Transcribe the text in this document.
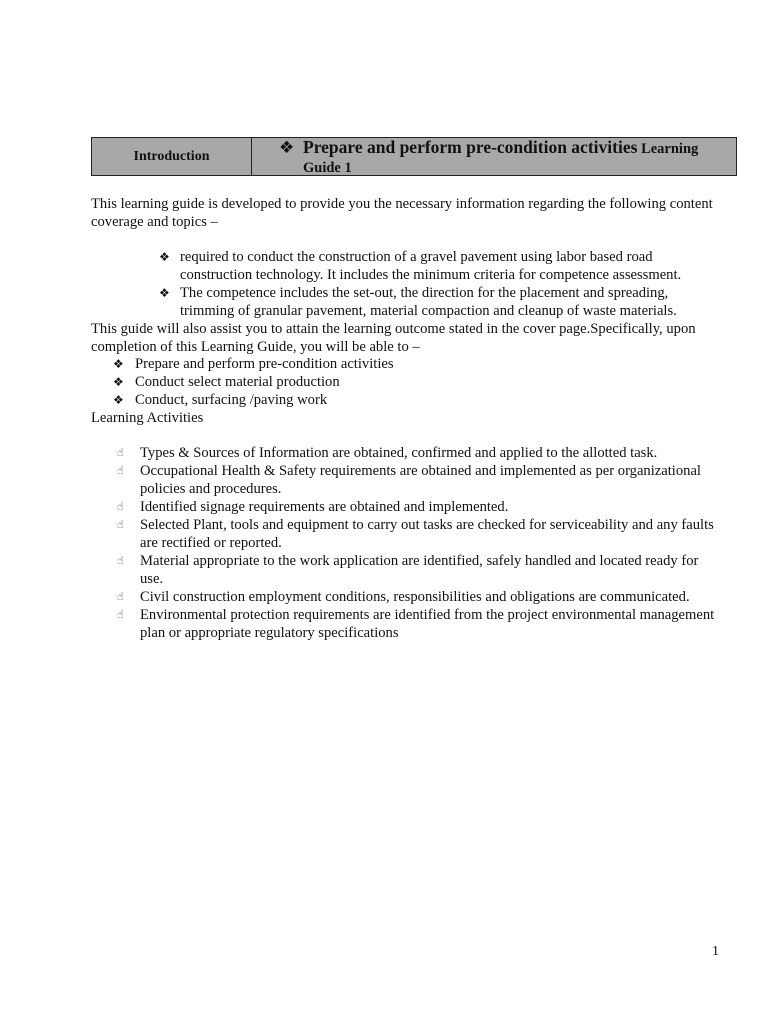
Introduction	❖ Prepare and perform pre-condition activities Learning Guide 1
This learning guide is developed to provide you the necessary information regarding the following content coverage and topics –
❖ required to conduct the construction of a gravel pavement using labor based road construction technology. It includes the minimum criteria for competence assessment.
❖ The competence includes the set-out, the direction for the placement and spreading, trimming of granular pavement, material compaction and cleanup of waste materials.
This guide will also assist you to attain the learning outcome stated in the cover page.Specifically, upon completion of this Learning Guide, you will be able to –
❖ Prepare and perform pre-condition activities
❖ Conduct select material production
❖ Conduct, surfacing /paving work
Learning Activities
☝ Types & Sources of Information are obtained, confirmed and applied to the allotted task.
☝ Occupational Health & Safety requirements are obtained and implemented as per organizational policies and procedures.
☝ Identified signage requirements are obtained and implemented.
☝ Selected Plant, tools and equipment to carry out tasks are checked for serviceability and any faults are rectified or reported.
☝ Material appropriate to the work application are identified, safely handled and located ready for use.
☝ Civil construction employment conditions, responsibilities and obligations are communicated.
☝ Environmental protection requirements are identified from the project environmental management plan or appropriate regulatory specifications
1
